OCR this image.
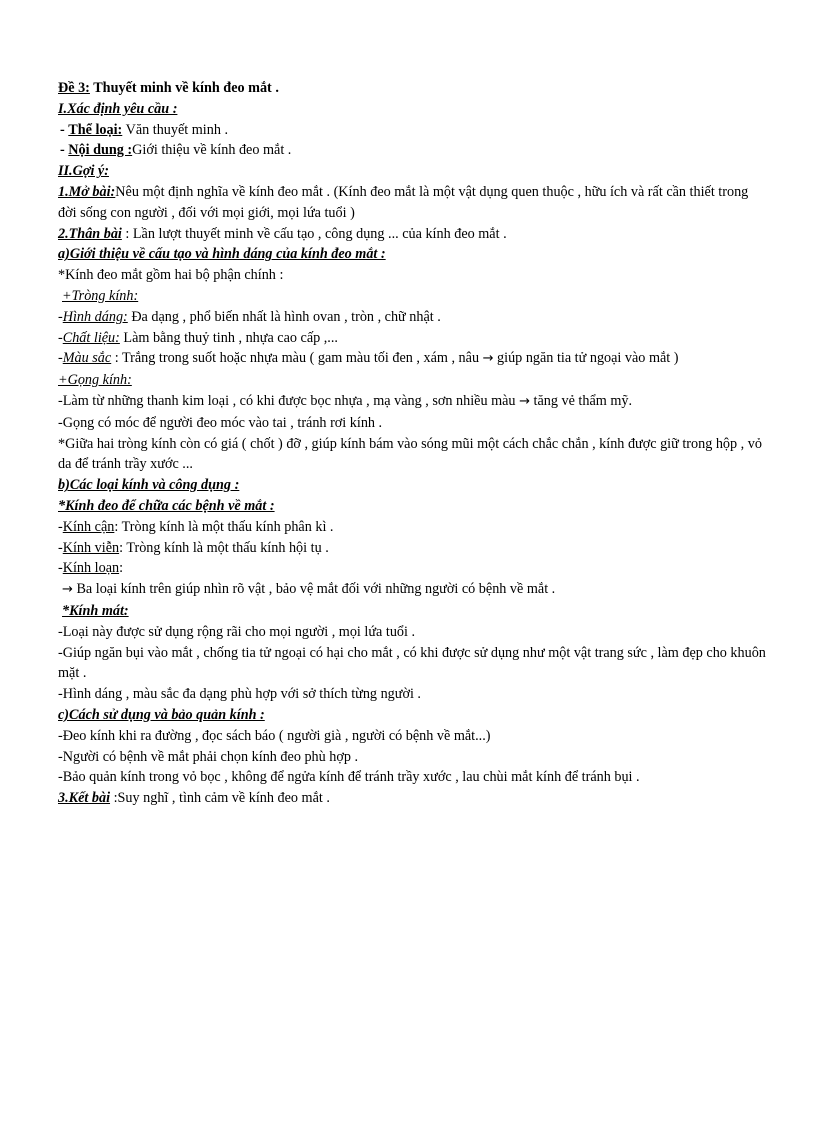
Đề 3: Thuyết minh về kính đeo mắt .
I.Xác định yêu cầu :
- Thể loại: Văn thuyết minh .
- Nội dung :Giới thiệu về kính đeo mắt .
II.Gợi ý:
1.Mở bài:Nêu một định nghĩa về kính đeo mắt . (Kính đeo mắt là một vật dụng quen thuộc , hữu ích và rất cần thiết trong đời sống con người , đối với mọi giới, mọi lứa tuổi )
2.Thân bài : Lần lượt thuyết minh về cấu tạo , công dụng ... của kính đeo mắt .
a)Giới thiệu về cấu tạo và hình dáng của kính đeo mắt :
*Kính đeo mắt gồm hai bộ phận chính :
+Tròng kính:
-Hình dáng: Đa dạng , phổ biến nhất là hình ovan , tròn , chữ nhật .
-Chất liệu: Làm bằng thuỷ tinh , nhựa cao cấp ,...
-Màu sắc : Trắng trong suốt hoặc nhựa màu ( gam màu tối đen , xám , nâu → giúp ngăn tia tử ngoại vào mắt )
+Gọng kính:
-Làm từ những thanh kim loại , có khi được bọc nhựa , mạ vàng , sơn nhiều màu → tăng vẻ thẩm mỹ.
-Gọng có móc để người đeo móc vào tai , tránh rơi kính .
*Giữa hai tròng kính còn có giá ( chốt ) đỡ , giúp kính bám vào sóng mũi một cách chắc chắn , kính được giữ trong hộp , vỏ da để tránh trầy xước ...
b)Các loại kính và công dụng :
*Kính đeo để chữa các bệnh về mắt :
-Kính cận: Tròng kính là một thấu kính phân kì .
-Kính viễn: Tròng kính là một thấu kính hội tụ .
-Kính loạn:
→ Ba loại kính trên giúp nhìn rõ vật , bảo vệ mắt đối với những người có bệnh về mắt .
*Kính mát:
-Loại này được sử dụng rộng rãi cho mọi người , mọi lứa tuổi .
-Giúp ngăn bụi vào mắt , chống tia tử ngoại có hại cho mắt , có khi được sử dụng như một vật trang sức , làm đẹp cho khuôn mặt .
-Hình dáng , màu sắc đa dạng phù hợp với sở thích từng người .
c)Cách sử dụng và bảo quản kính :
-Đeo kính khi ra đường , đọc sách báo ( người già , người có bệnh về mắt...)
-Người có bệnh về mắt phải chọn kính đeo phù hợp .
-Bảo quản kính trong vỏ bọc , không để ngửa kính để tránh trầy xước , lau chùi mắt kính để tránh bụi .
3.Kết bài :Suy nghĩ , tình cảm về kính đeo mắt .
